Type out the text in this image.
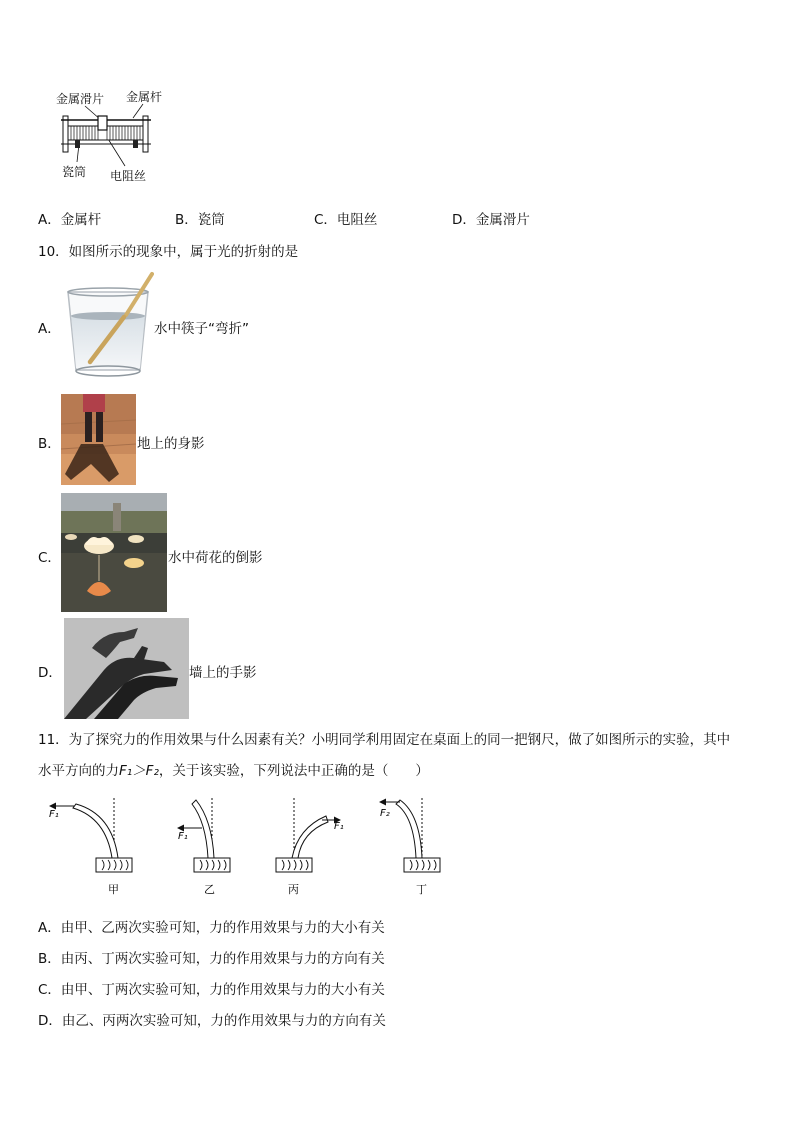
金属滑片 金属杆
瓷筒 电阻丝
A．金属杆	B．瓷筒	C．电阻丝	D．金属滑片
10．如图所示的现象中，属于光的折射的是
A．	水中筷子“弯折”
B．	地上的身影
C．	水中荷花的倒影
D．	墙上的手影
11．为了探究力的作用效果与什么因素有关？小明同学利用固定在桌面上的同一把钢尺，做了如图所示的实验，其中
水平方向的力F₁＞F₂，关于该实验，下列说法中正确的是（　　）
F₁
甲
F₁
乙
F₁
丙
F₂
丁
A．由甲、乙两次实验可知，力的作用效果与力的大小有关
B．由丙、丁两次实验可知，力的作用效果与力的方向有关
C．由甲、丁两次实验可知，力的作用效果与力的大小有关
D．由乙、丙两次实验可知，力的作用效果与力的方向有关
